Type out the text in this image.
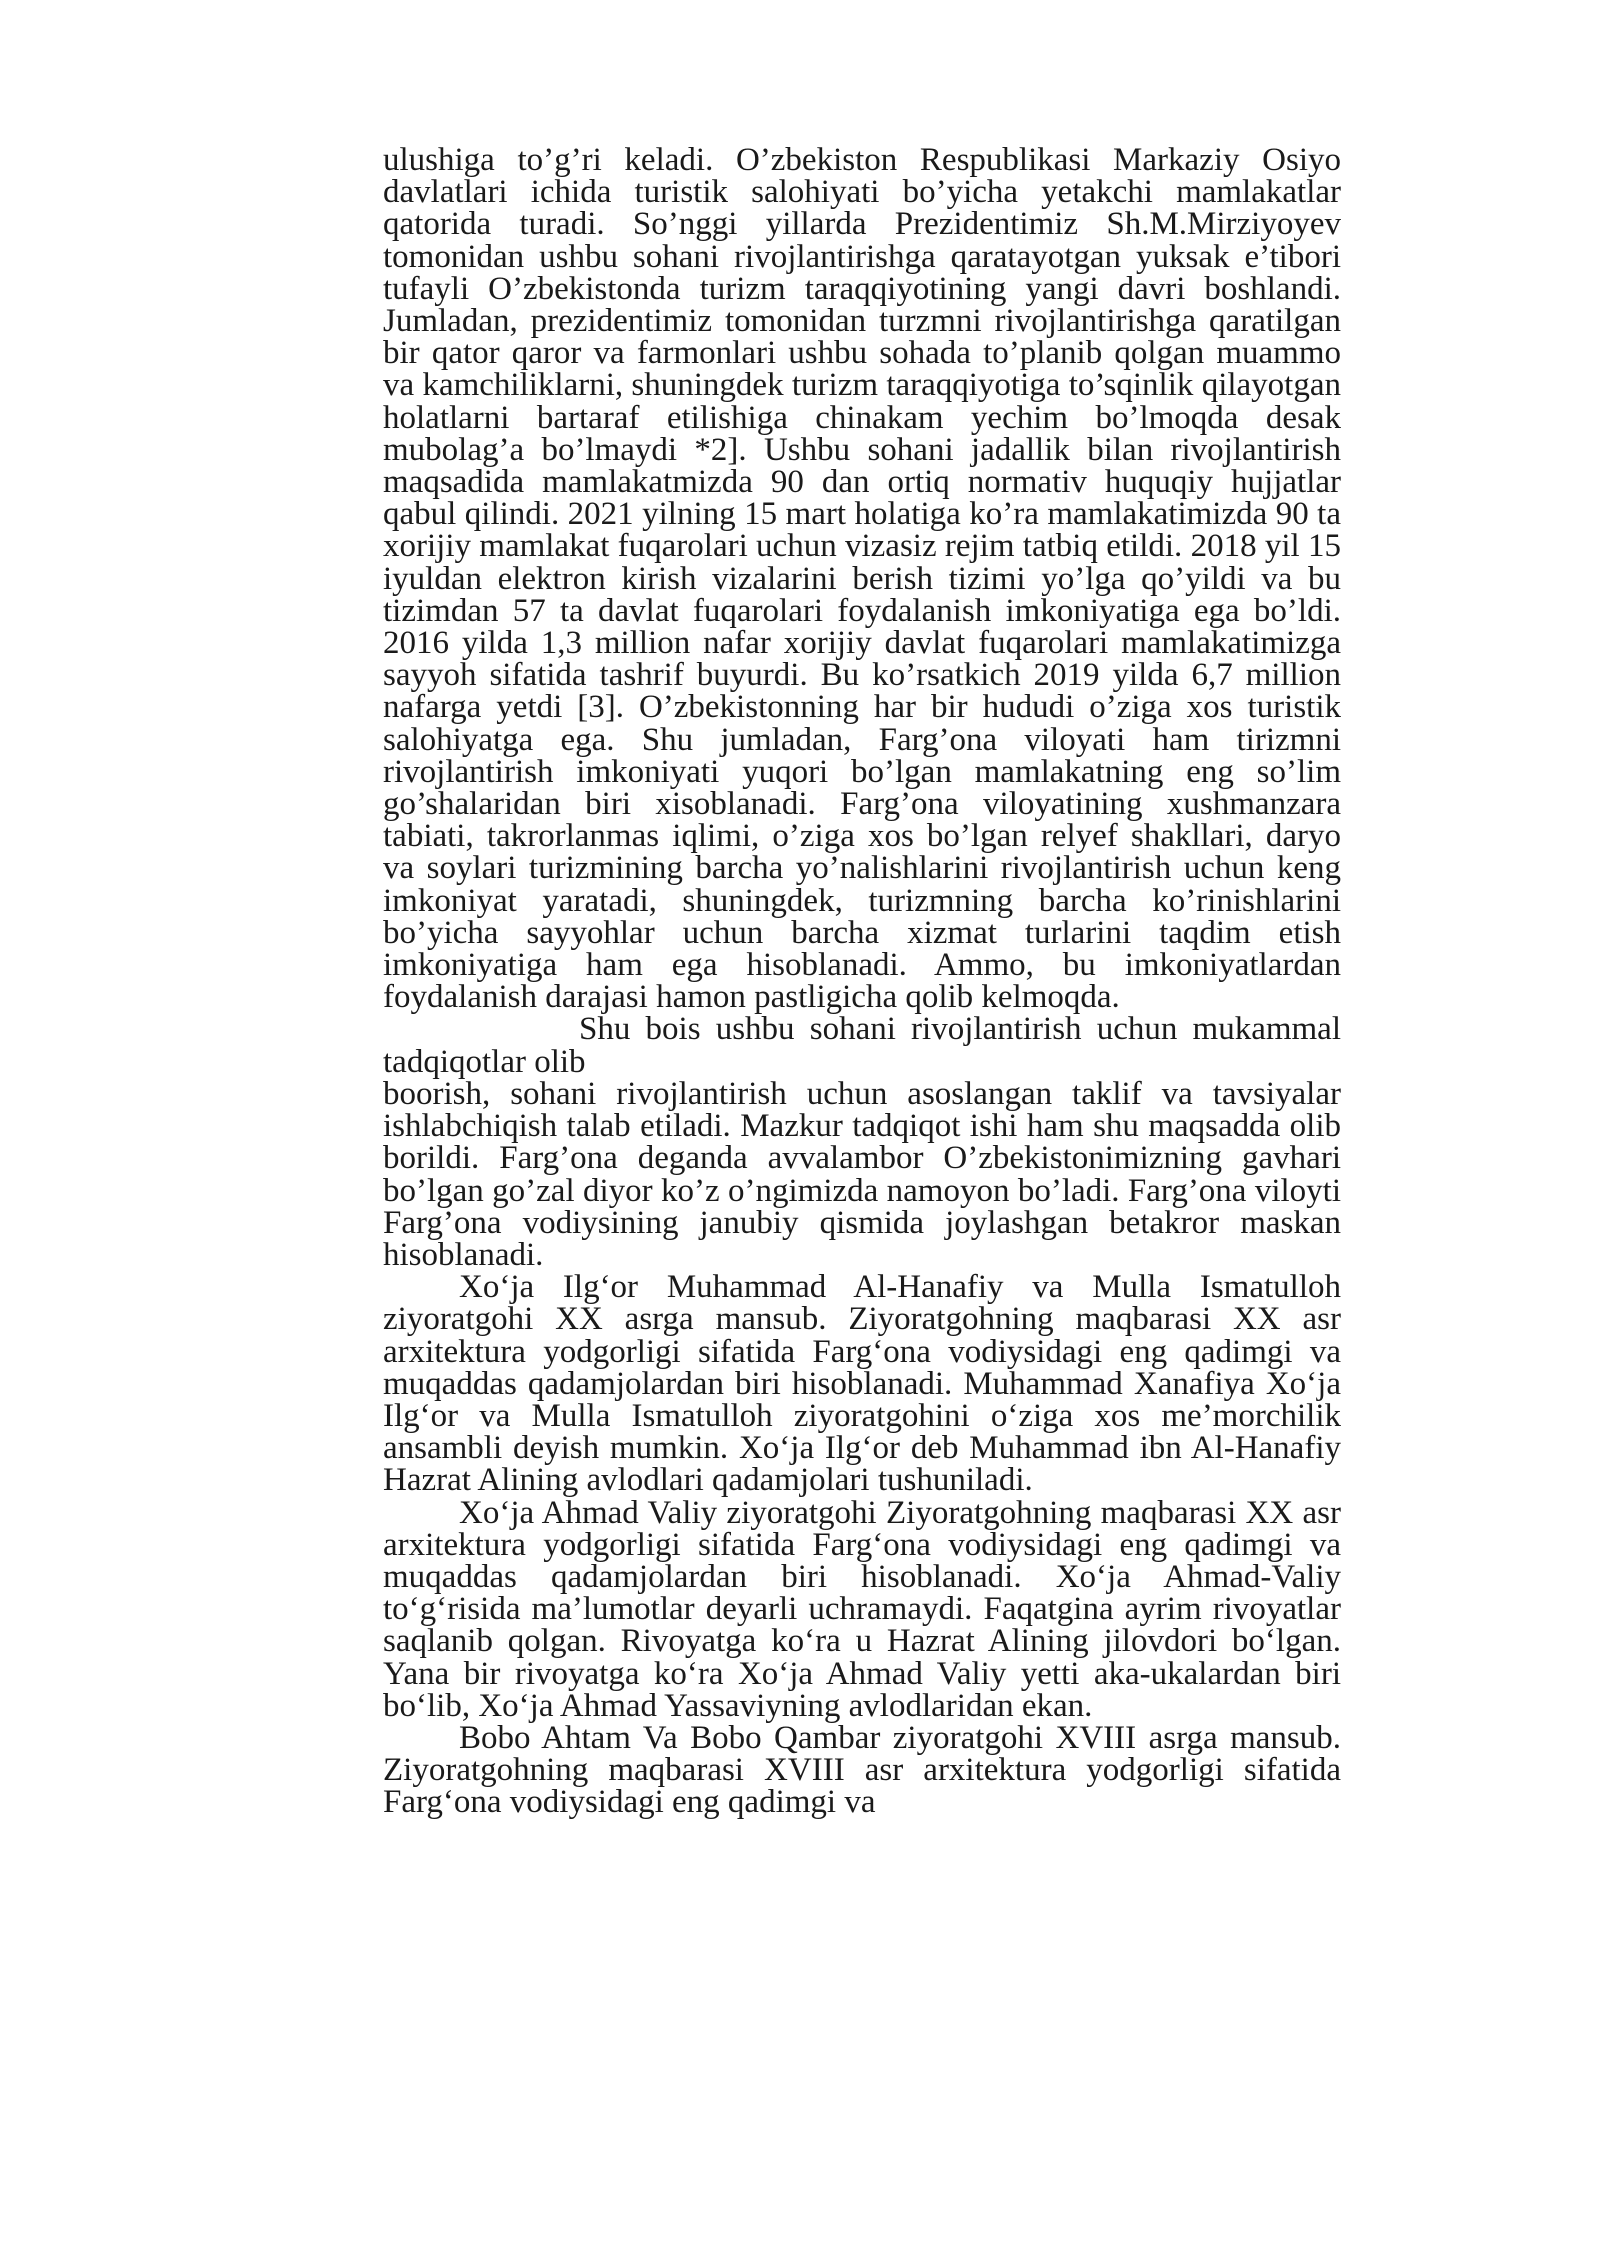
ulushiga to’g’ri keladi. O’zbekiston Respublikasi Markaziy Osiyo davlatlari ichida turistik salohiyati bo’yicha yetakchi mamlakatlar qatorida turadi. So’nggi yillarda Prezidentimiz Sh.M.Mirziyoyev tomonidan ushbu sohani rivojlantirishga qaratayotgan yuksak e’tibori tufayli O’zbekistonda turizm taraqqiyotining yangi davri boshlandi. Jumladan, prezidentimiz tomonidan turzmni rivojlantirishga qaratilgan bir qator qaror va farmonlari ushbu sohada to’planib qolgan muammo va kamchiliklarni, shuningdek turizm taraqqiyotiga to’sqinlik qilayotgan holatlarni bartaraf etilishiga chinakam yechim bo’lmoqda desak mubolag’a bo’lmaydi *2]. Ushbu sohani jadallik bilan rivojlantirish maqsadida mamlakatmizda 90 dan ortiq normativ huquqiy hujjatlar qabul qilindi. 2021 yilning 15 mart holatiga ko’ra mamlakatimizda 90 ta xorijiy mamlakat fuqarolari uchun vizasiz rejim tatbiq etildi. 2018 yil 15 iyuldan elektron kirish vizalarini berish tizimi yo’lga qo’yildi va bu tizimdan 57 ta davlat fuqarolari foydalanish imkoniyatiga ega bo’ldi. 2016 yilda 1,3 million nafar xorijiy davlat fuqarolari mamlakatimizga sayyoh sifatida tashrif buyurdi. Bu ko’rsatkich 2019 yilda 6,7 million nafarga yetdi [3]. O’zbekistonning har bir hududi o’ziga xos turistik salohiyatga ega. Shu jumladan, Farg’ona viloyati ham tirizmni rivojlantirish imkoniyati yuqori bo’lgan mamlakatning eng so’lim go’shalaridan biri xisoblanadi. Farg’ona viloyatining xushmanzara tabiati, takrorlanmas iqlimi, o’ziga xos bo’lgan relyef shakllari, daryo va soylari turizmining barcha yo’nalishlarini rivojlantirish uchun keng imkoniyat yaratadi, shuningdek, turizmning barcha ko’rinishlarini bo’yicha sayyohlar uchun barcha xizmat turlarini taqdim etish imkoniyatiga ham ega hisoblanadi. Ammo, bu imkoniyatlardan foydalanish darajasi hamon pastligicha qolib kelmoqda.

Shu bois ushbu sohani rivojlantirish uchun mukammal tadqiqotlar olib

boorish, sohani rivojlantirish uchun asoslangan taklif va tavsiyalar ishlabchiqish talab etiladi. Mazkur tadqiqot ishi ham shu maqsadda olib borildi. Farg’ona deganda avvalambor O’zbekistonimizning gavhari bo’lgan go’zal diyor ko’z o’ngimizda namoyon bo’ladi. Farg’ona viloyti Farg’ona vodiysining janubiy qismida joylashgan betakror maskan hisoblanadi.

Xo‘ja Ilg‘or Muhammad Al-Hanafiy va Mulla Ismatulloh ziyoratgohi XX asrga mansub. Ziyoratgohning maqbarasi XX asr arxitektura yodgorligi sifatida Farg‘ona vodiysidagi eng qadimgi va muqaddas qadamjolardan biri hisoblanadi. Muhammad Xanafiya Xo‘ja Ilg‘or va Mulla Ismatulloh ziyoratgohini o‘ziga xos me’morchilik ansambli deyish mumkin. Xo‘ja Ilg‘or deb Muhammad ibn Al-Hanafiy Hazrat Alining avlodlari qadamjolari tushuniladi.

Xo‘ja Ahmad Valiy ziyoratgohi Ziyoratgohning maqbarasi XX asr arxitektura yodgorligi sifatida Farg‘ona vodiysidagi eng qadimgi va muqaddas qadamjolardan biri hisoblanadi. Xo‘ja Ahmad-Valiy to‘g‘risida ma’lumotlar deyarli uchramaydi. Faqatgina ayrim rivoyatlar saqlanib qolgan. Rivoyatga ko‘ra u Hazrat Alining jilovdori bo‘lgan. Yana bir rivoyatga ko‘ra Xo‘ja Ahmad Valiy yetti aka-ukalardan biri bo‘lib, Xo‘ja Ahmad Yassaviyning avlodlaridan ekan.

Bobo Ahtam Va Bobo Qambar ziyoratgohi XVIII asrga mansub. Ziyoratgohning maqbarasi XVIII asr arxitektura yodgorligi sifatida Farg‘ona vodiysidagi eng qadimgi va
